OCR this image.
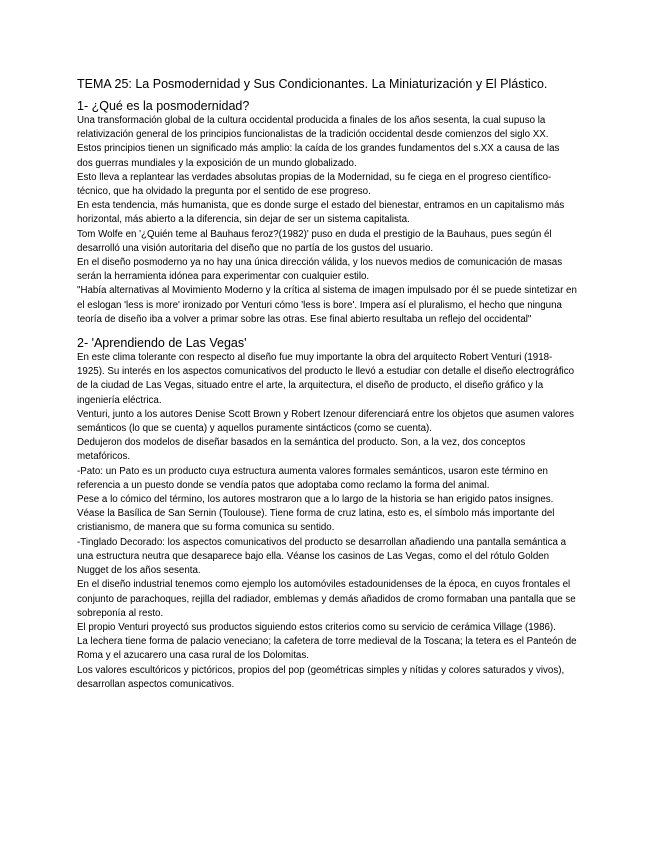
TEMA 25: La Posmodernidad y Sus Condicionantes. La Miniaturización y El Plástico.
1- ¿Qué es la posmodernidad?

Una transformación global de la cultura occidental producida a finales de los años sesenta, la cual supuso la relativización general de los principios funcionalistas de la tradición occidental desde comienzos del siglo XX.

Estos principios tienen un significado más amplio: la caída de los grandes fundamentos del s.XX a causa de las dos guerras mundiales y la exposición de un mundo globalizado.

Esto lleva a replantear las verdades absolutas propias de la Modernidad, su fe ciega en el progreso científico-técnico, que ha olvidado la pregunta por el sentido de ese progreso.

En esta tendencia, más humanista, que es donde surge el estado del bienestar, entramos en un capitalismo más horizontal, más abierto a la diferencia, sin dejar de ser un sistema capitalista.

Tom Wolfe en '¿Quién teme al Bauhaus feroz?(1982)' puso en duda el prestigio de la Bauhaus, pues según él desarrolló una visión autoritaria del diseño que no partía de los gustos del usuario.

En el diseño posmoderno ya no hay una única dirección válida, y los nuevos medios de comunicación de masas serán la herramienta idónea para experimentar con cualquier estilo.

"Había alternativas al Movimiento Moderno y la crítica al sistema de imagen impulsado por él se puede sintetizar en el eslogan 'less is more' ironizado por Venturi cómo 'less is bore'. Impera así el pluralismo, el hecho que ninguna teoría de diseño iba a volver a primar sobre las otras. Ese final abierto resultaba un reflejo del occidental"

2- 'Aprendiendo de Las Vegas'

En este clima tolerante con respecto al diseño fue muy importante la obra del arquitecto Robert Venturi (1918-1925). Su interés en los aspectos comunicativos del producto le llevó a estudiar con detalle el diseño electrográfico de la ciudad de Las Vegas, situado entre el arte, la arquitectura, el diseño de producto, el diseño gráfico y la ingeniería eléctrica.

Venturi, junto a los autores Denise Scott Brown y Robert Izenour diferenciará entre los objetos que asumen valores semánticos (lo que se cuenta) y aquellos puramente sintácticos (como se cuenta).

Dedujeron dos modelos de diseñar basados en la semántica del producto. Son, a la vez, dos conceptos metafóricos.

-Pato: un Pato es un producto cuya estructura aumenta valores formales semánticos, usaron este término en referencia a un puesto donde se vendía patos que adoptaba como reclamo la forma del animal.

Pese a lo cómico del término, los autores mostraron que a lo largo de la historia se han erigido patos insignes.

Véase la Basílica de San Sernin (Toulouse). Tiene forma de cruz latina, esto es, el símbolo más importante del cristianismo, de manera que su forma comunica su sentido.

-Tinglado Decorado: los aspectos comunicativos del producto se desarrollan añadiendo una pantalla semántica a una estructura neutra que desaparece bajo ella. Véanse los casinos de Las Vegas, como el del rótulo Golden Nugget de los años sesenta.

En el diseño industrial tenemos como ejemplo los automóviles estadounidenses de la época, en cuyos frontales el conjunto de parachoques, rejilla del radiador, emblemas y demás añadidos de cromo formaban una pantalla que se sobreponía al resto.

El propio Venturi proyectó sus productos siguiendo estos criterios como su servicio de cerámica Village (1986).

La lechera tiene forma de palacio veneciano; la cafetera de torre medieval de la Toscana; la tetera es el Panteón de Roma y el azucarero una casa rural de los Dolomitas.

Los valores escultóricos y pictóricos, propios del pop (geométricas simples y nítidas y colores saturados y vivos), desarrollan aspectos comunicativos.
